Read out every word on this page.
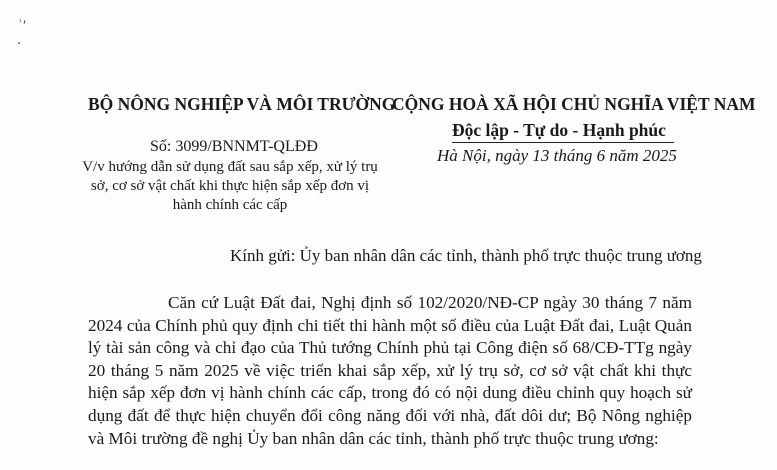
ʾ′
BỘ NÔNG NGHIỆP VÀ MÔI TRƯỜNG
CỘNG HOÀ XÃ HỘI CHỦ NGHĨA VIỆT NAM
Độc lập - Tự do - Hạnh phúc
Số: 3099/BNNMT-QLĐĐ
V/v hướng dẫn sử dụng đất sau sắp xếp, xử lý trụ sở, cơ sở vật chất khi thực hiện sắp xếp đơn vị hành chính các cấp
Hà Nội, ngày 13 tháng 6 năm 2025
Kính gửi: Ủy ban nhân dân các tỉnh, thành phố trực thuộc trung ương

Căn cứ Luật Đất đai, Nghị định số 102/2020/NĐ-CP ngày 30 tháng 7 năm 2024 của Chính phủ quy định chi tiết thi hành một số điều của Luật Đất đai, Luật Quản lý tài sản công và chỉ đạo của Thủ tướng Chính phủ tại Công điện số 68/CĐ-TTg ngày 20 tháng 5 năm 2025 về việc triển khai sắp xếp, xử lý trụ sở, cơ sở vật chất khi thực hiện sắp xếp đơn vị hành chính các cấp, trong đó có nội dung điều chỉnh quy hoạch sử dụng đất để thực hiện chuyển đổi công năng đối với nhà, đất dôi dư; Bộ Nông nghiệp và Môi trường đề nghị Ủy ban nhân dân các tỉnh, thành phố trực thuộc trung ương:
